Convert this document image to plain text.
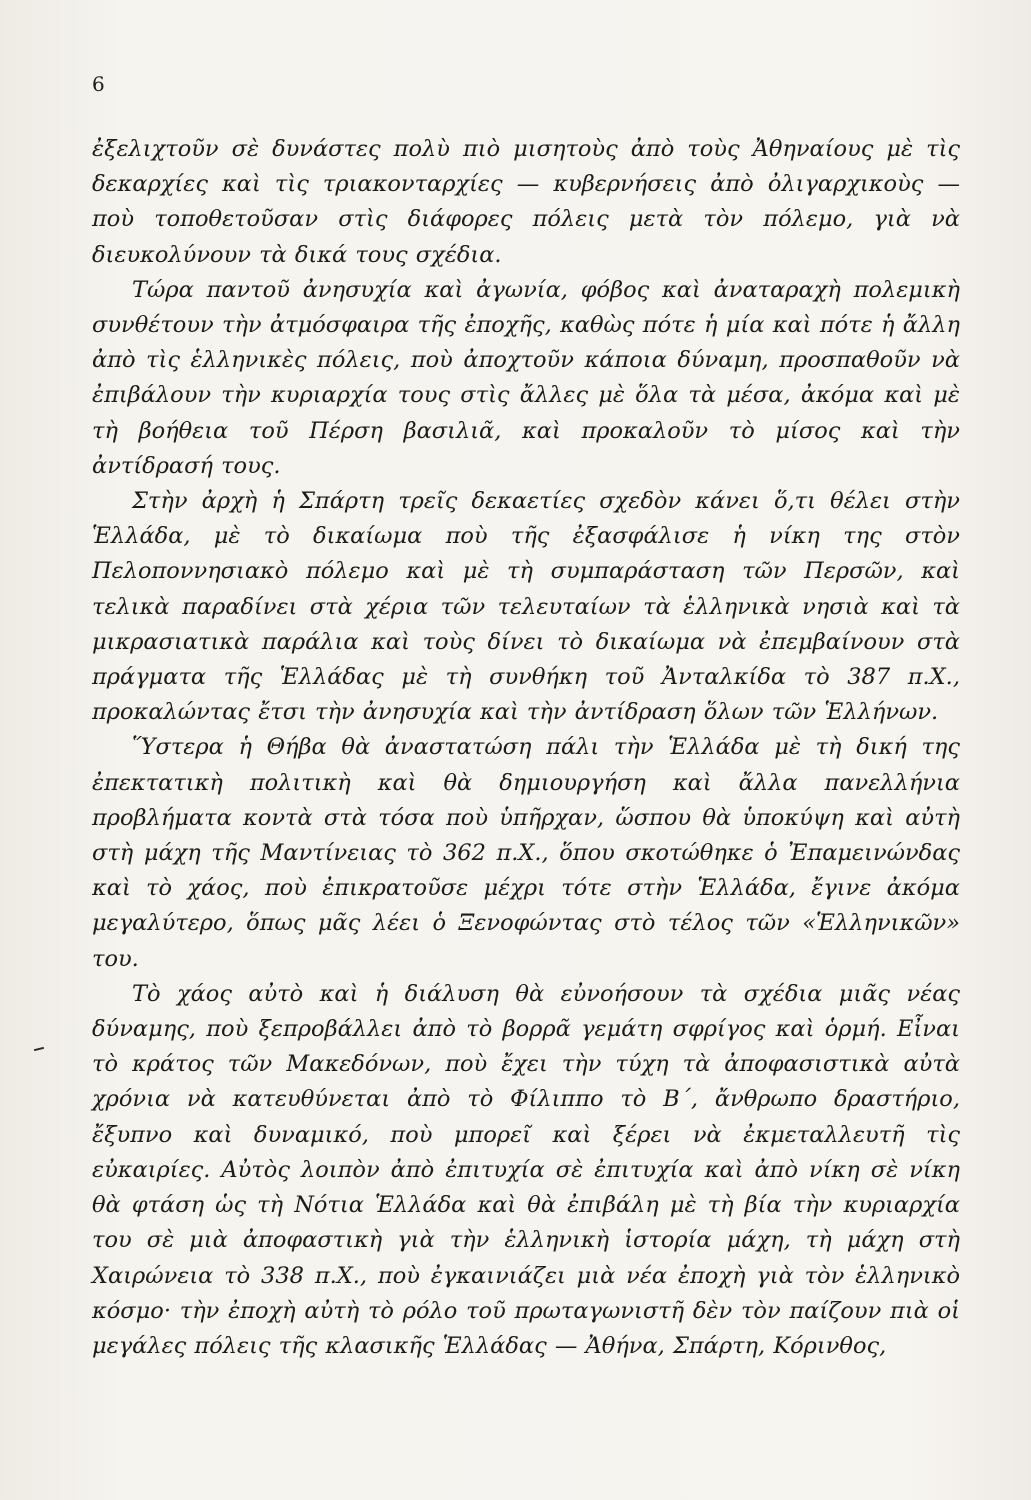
6

ἐξελιχτοῦν σὲ δυνάστες πολὺ πιὸ μισητοὺς ἀπὸ τοὺς Ἀθηναίους μὲ τὶς δεκαρχίες καὶ τὶς τριακονταρχίες — κυβερνήσεις ἀπὸ ὀλιγαρχικοὺς — ποὺ τοποθετοῦσαν στὶς διάφορες πόλεις μετὰ τὸν πόλεμο, γιὰ νὰ διευκολύνουν τὰ δικά τους σχέδια.

Τώρα παντοῦ ἀνησυχία καὶ ἀγωνία, φόβος καὶ ἀναταραχὴ πολεμικὴ συνθέτουν τὴν ἀτμόσφαιρα τῆς ἐποχῆς, καθὼς πότε ἡ μία καὶ πότε ἡ ἄλλη ἀπὸ τὶς ἑλληνικὲς πόλεις, ποὺ ἀποχτοῦν κάποια δύναμη, προσπαθοῦν νὰ ἐπιβάλουν τὴν κυριαρχία τους στὶς ἄλλες μὲ ὅλα τὰ μέσα, ἀκόμα καὶ μὲ τὴ βοήθεια τοῦ Πέρση βασιλιᾶ, καὶ προκαλοῦν τὸ μίσος καὶ τὴν ἀντίδρασή τους.

Στὴν ἀρχὴ ἡ Σπάρτη τρεῖς δεκαετίες σχεδὸν κάνει ὅ,τι θέλει στὴν Ἑλλάδα, μὲ τὸ δικαίωμα ποὺ τῆς ἐξασφάλισε ἡ νίκη της στὸν Πελοποννησιακὸ πόλεμο καὶ μὲ τὴ συμπαράσταση τῶν Περσῶν, καὶ τελικὰ παραδίνει στὰ χέρια τῶν τελευταίων τὰ ἑλληνικὰ νησιὰ καὶ τὰ μικρασιατικὰ παράλια καὶ τοὺς δίνει τὸ δικαίωμα νὰ ἐπεμβαίνουν στὰ πράγματα τῆς Ἑλλάδας μὲ τὴ συνθήκη τοῦ Ἀνταλκίδα τὸ 387 π.Χ., προκαλώντας ἔτσι τὴν ἀνησυχία καὶ τὴν ἀντίδραση ὅλων τῶν Ἑλλήνων.

Ὕστερα ἡ Θήβα θὰ ἀναστατώση πάλι τὴν Ἑλλάδα μὲ τὴ δική της ἐπεκτατικὴ πολιτικὴ καὶ θὰ δημιουργήση καὶ ἄλλα πανελλήνια προβλήματα κοντὰ στὰ τόσα ποὺ ὑπῆρχαν, ὥσπου θὰ ὑποκύψη καὶ αὐτὴ στὴ μάχη τῆς Μαντίνειας τὸ 362 π.Χ., ὅπου σκοτώθηκε ὁ Ἐπαμεινώνδας καὶ τὸ χάος, ποὺ ἐπικρατοῦσε μέχρι τότε στὴν Ἑλλάδα, ἔγινε ἀκόμα μεγαλύτερο, ὅπως μᾶς λέει ὁ Ξενοφώντας στὸ τέλος τῶν «Ἑλληνικῶν» του.

Τὸ χάος αὐτὸ καὶ ἡ διάλυση θὰ εὐνοήσουν τὰ σχέδια μιᾶς νέας δύναμης, ποὺ ξεπροβάλλει ἀπὸ τὸ βορρᾶ γεμάτη σφρίγος καὶ ὁρμή. Εἶναι τὸ κράτος τῶν Μακεδόνων, ποὺ ἔχει τὴν τύχη τὰ ἀποφασιστικὰ αὐτὰ χρόνια νὰ κατευθύνεται ἀπὸ τὸ Φίλιππο τὸ Β΄, ἄνθρωπο δραστήριο, ἔξυπνο καὶ δυναμικό, ποὺ μπορεῖ καὶ ξέρει νὰ ἐκμεταλλευτῆ τὶς εὐκαιρίες. Αὐτὸς λοιπὸν ἀπὸ ἐπιτυχία σὲ ἐπιτυχία καὶ ἀπὸ νίκη σὲ νίκη θὰ φτάση ὡς τὴ Νότια Ἑλλάδα καὶ θὰ ἐπιβάλη μὲ τὴ βία τὴν κυριαρχία του σὲ μιὰ ἀποφαστικὴ γιὰ τὴν ἑλληνικὴ ἱστορία μάχη, τὴ μάχη στὴ Χαιρώνεια τὸ 338 π.Χ., ποὺ ἐγκαινιάζει μιὰ νέα ἐποχὴ γιὰ τὸν ἑλληνικὸ κόσμο· τὴν ἐποχὴ αὐτὴ τὸ ρόλο τοῦ πρωταγωνιστῆ δὲν τὸν παίζουν πιὰ οἱ μεγάλες πόλεις τῆς κλασικῆς Ἑλλάδας — Ἀθήνα, Σπάρτη, Κόρινθος,
